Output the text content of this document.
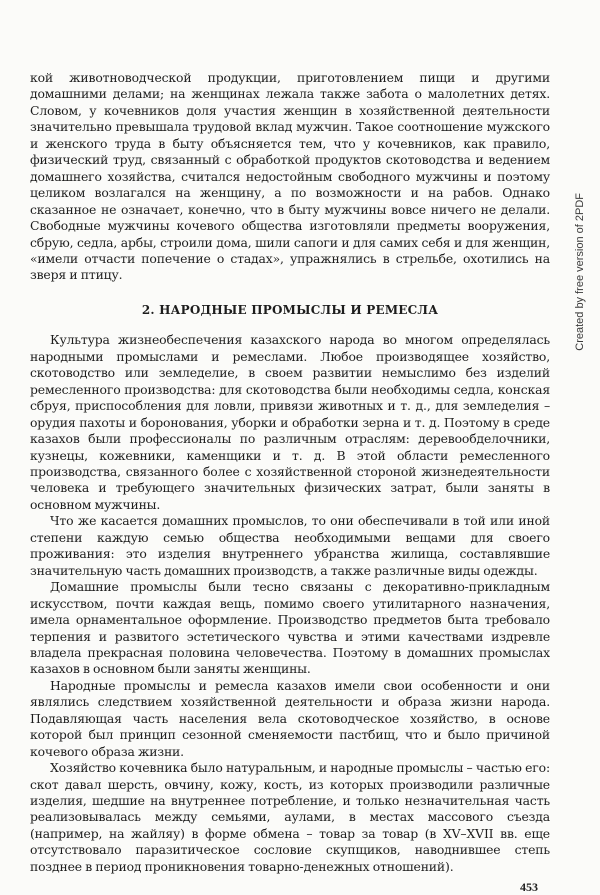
кой животноводческой продукции, приготовлением пищи и другими домашними делами; на женщинах лежала также забота о малолетних детях. Словом, у кочевников доля участия женщин в хозяйственной деятельности значительно превышала трудовой вклад мужчин. Такое соотношение мужского и женского труда в быту объясняется тем, что у кочевников, как правило, физический труд, связанный с обработкой продуктов скотоводства и ведением домашнего хозяйства, считался недостойным свободного мужчины и поэтому целиком возлагался на женщину, а по возможности и на рабов. Однако сказанное не означает, конечно, что в быту мужчины вовсе ничего не делали. Свободные мужчины кочевого общества изготовляли предметы вооружения, сбрую, седла, арбы, строили дома, шили сапоги и для самих себя и для женщин, «имели отчасти попечение о стадах», упражнялись в стрельбе, охотились на зверя и птицу.

2. НАРОДНЫЕ ПРОМЫСЛЫ И РЕМЕСЛА

Культура жизнеобеспечения казахского народа во многом определялась народными промыслами и ремеслами. Любое производящее хозяйство, скотоводство или земледелие, в своем развитии немыслимо без изделий ремесленного производства: для скотоводства были необходимы седла, конская сбруя, приспособления для ловли, привязи животных и т. д., для земледелия – орудия пахоты и боронования, уборки и обработки зерна и т. д. Поэтому в среде казахов были профессионалы по различным отраслям: деревообделочники, кузнецы, кожевники, каменщики и т. д. В этой области ремесленного производства, связанного более с хозяйственной стороной жизнедеятельности человека и требующего значительных физических затрат, были заняты в основном мужчины.

Что же касается домашних промыслов, то они обеспечивали в той или иной степени каждую семью общества необходимыми вещами для своего проживания: это изделия внутреннего убранства жилища, составлявшие значительную часть домашних производств, а также различные виды одежды.

Домашние промыслы были тесно связаны с декоративно-прикладным искусством, почти каждая вещь, помимо своего утилитарного назначения, имела орнаментальное оформление. Производство предметов быта требовало терпения и развитого эстетического чувства и этими качествами издревле владела прекрасная половина человечества. Поэтому в домашних промыслах казахов в основном были заняты женщины.

Народные промыслы и ремесла казахов имели свои особенности и они являлись следствием хозяйственной деятельности и образа жизни народа. Подавляющая часть населения вела скотоводческое хозяйство, в основе которой был принцип сезонной сменяемости пастбищ, что и было причиной кочевого образа жизни.

Хозяйство кочевника было натуральным, и народные промыслы – частью его: скот давал шерсть, овчину, кожу, кость, из которых производили различные изделия, шедшие на внутреннее потребление, и только незначительная часть реализовывалась между семьями, аулами, в местах массового съезда (например, на жайляу) в форме обмена – товар за товар (в XV–XVII вв. еще отсутствовало паразитическое сословие скупщиков, наводнившее степь позднее в период проникновения товарно-денежных отношений).

Created by free version of 2PDF
453
